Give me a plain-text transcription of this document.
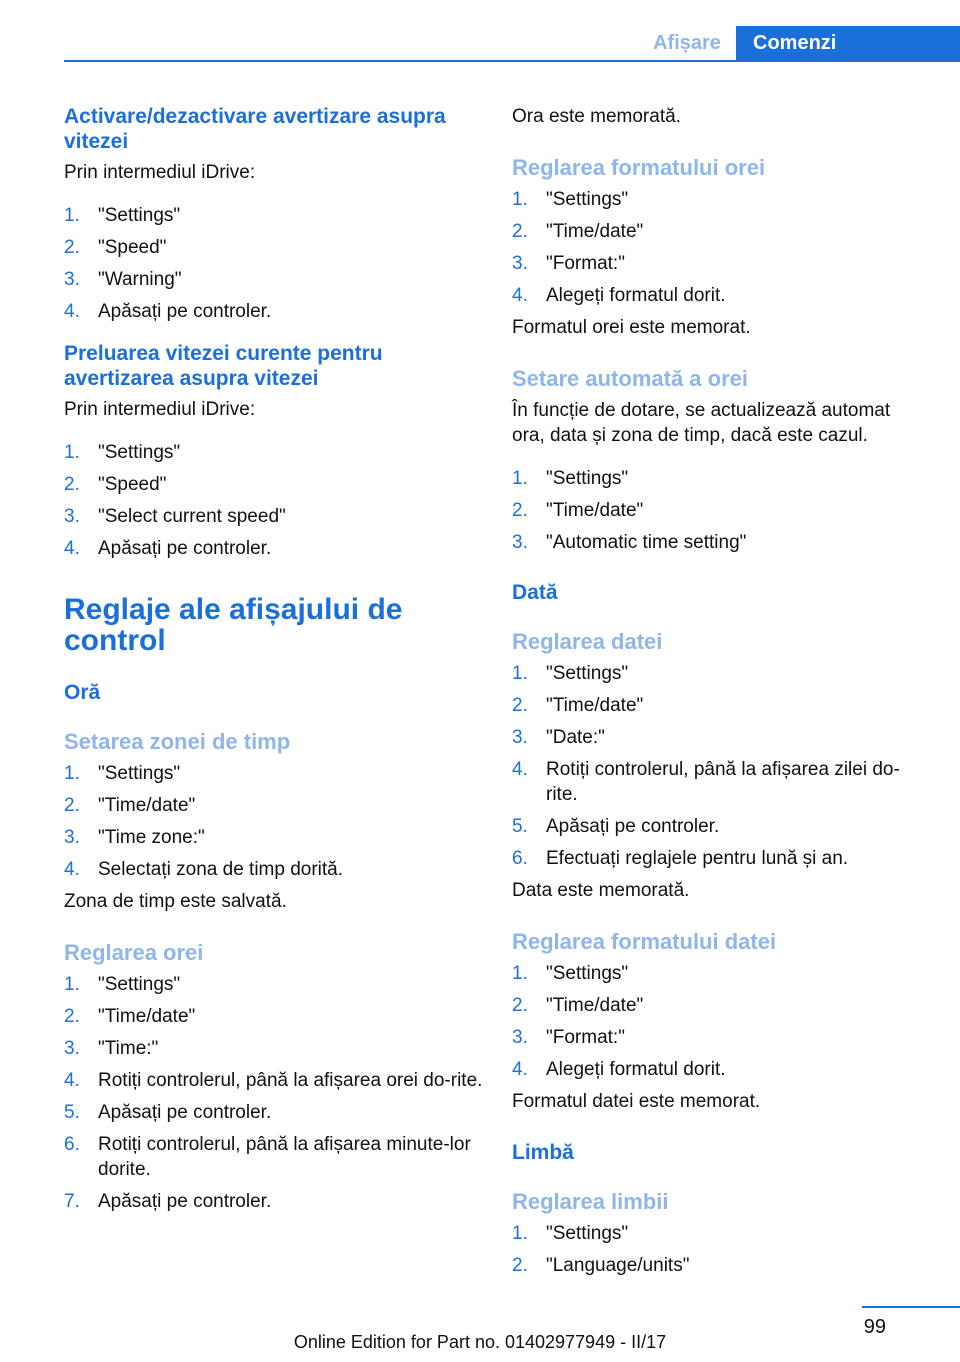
Afișare	Comenzi
Activare/dezactivare avertizare asupra vitezei
Prin intermediul iDrive:
1. "Settings"
2. "Speed"
3. "Warning"
4. Apăsați pe controler.
Preluarea vitezei curente pentru avertizarea asupra vitezei
Prin intermediul iDrive:
1. "Settings"
2. "Speed"
3. "Select current speed"
4. Apăsați pe controler.
Reglaje ale afișajului de control
Oră
Setarea zonei de timp
1. "Settings"
2. "Time/date"
3. "Time zone:"
4. Selectați zona de timp dorită.
Zona de timp este salvată.
Reglarea orei
1. "Settings"
2. "Time/date"
3. "Time:"
4. Rotiți controlerul, până la afișarea orei do-rite.
5. Apăsați pe controler.
6. Rotiți controlerul, până la afișarea minute-lor dorite.
7. Apăsați pe controler.
Ora este memorată.
Reglarea formatului orei
1. "Settings"
2. "Time/date"
3. "Format:"
4. Alegeți formatul dorit.
Formatul orei este memorat.
Setare automată a orei
În funcție de dotare, se actualizează automat ora, data și zona de timp, dacă este cazul.
1. "Settings"
2. "Time/date"
3. "Automatic time setting"
Dată
Reglarea datei
1. "Settings"
2. "Time/date"
3. "Date:"
4. Rotiți controlerul, până la afișarea zilei do-rite.
5. Apăsați pe controler.
6. Efectuați reglajele pentru lună și an.
Data este memorată.
Reglarea formatului datei
1. "Settings"
2. "Time/date"
3. "Format:"
4. Alegeți formatul dorit.
Formatul datei este memorat.
Limbă
Reglarea limbii
1. "Settings"
2. "Language/units"
99
Online Edition for Part no. 01402977949 - II/17
